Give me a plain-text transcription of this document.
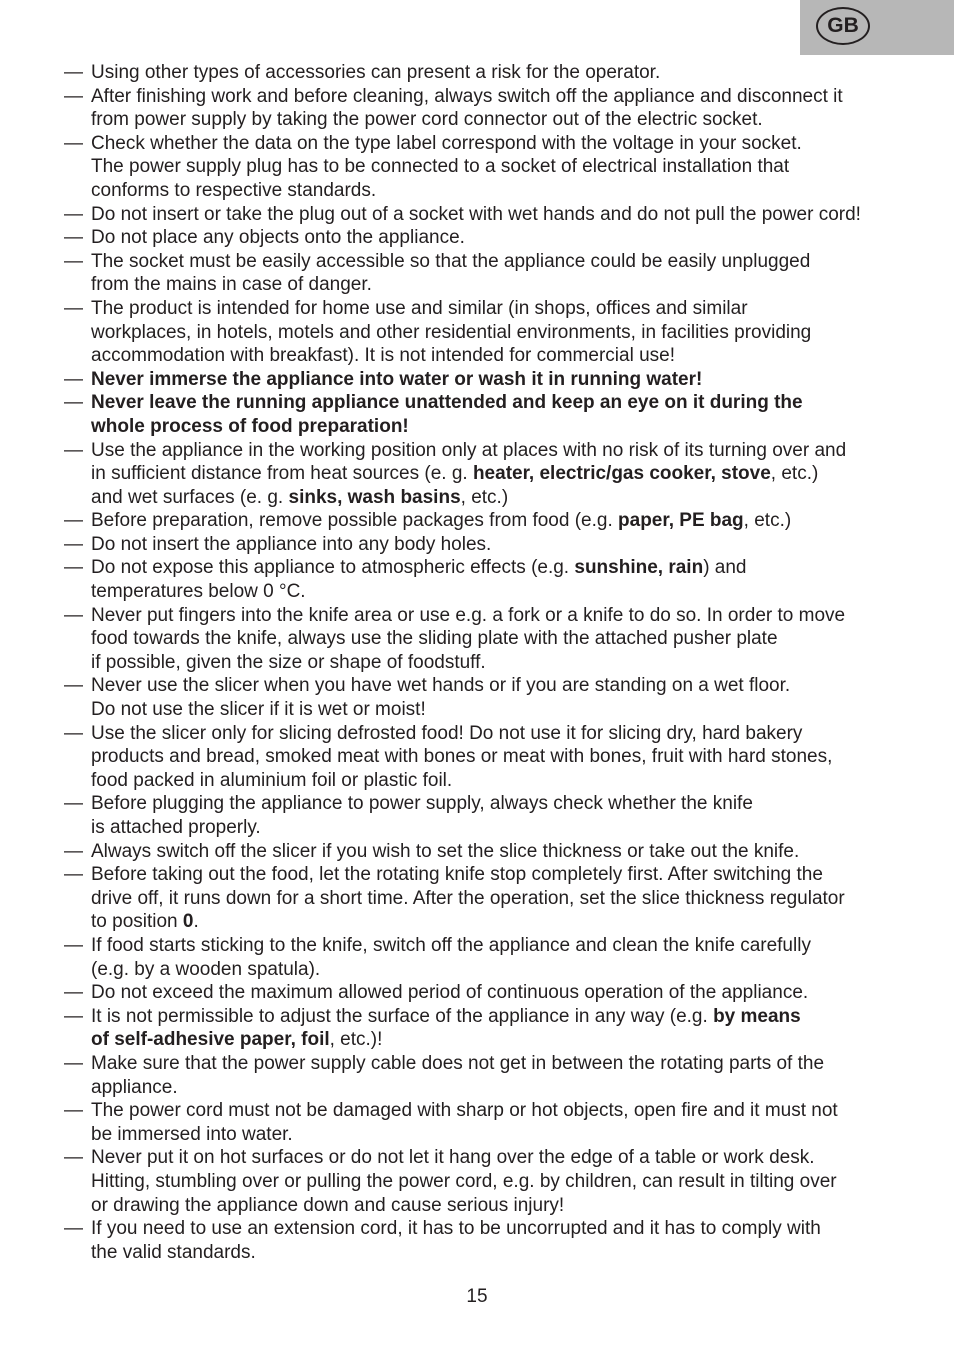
GB
— Using other types of accessories can present a risk for the operator.
— After finishing work and before cleaning, always switch off the appliance and disconnect it
from power supply by taking the power cord connector out of the electric socket.
— Check whether the data on the type label correspond with the voltage in your socket.
The power supply plug has to be connected to a socket of electrical installation that
conforms to respective standards.
— Do not insert or take the plug out of a socket with wet hands and do not pull the power cord!
— Do not place any objects onto the appliance.
— The socket must be easily accessible so that the appliance could be easily unplugged
from the mains in case of danger.
— The product is intended for home use and similar (in shops, offices and similar
workplaces, in hotels, motels and other residential environments, in facilities providing
accommodation with breakfast). It is not intended for commercial use!
— Never immerse the appliance into water or wash it in running water!
— Never leave the running appliance unattended and keep an eye on it during the
whole process of food preparation!
— Use the appliance in the working position only at places with no risk of its turning over and
in sufficient distance from heat sources (e. g. heater, electric/gas cooker, stove, etc.)
and wet surfaces (e. g. sinks, wash basins, etc.)
— Before preparation, remove possible packages from food (e.g. paper, PE bag, etc.)
— Do not insert the appliance into any body holes.
— Do not expose this appliance to atmospheric effects (e.g. sunshine, rain) and
temperatures below 0 °C.
— Never put fingers into the knife area or use e.g. a fork or a knife to do so. In order to move
food towards the knife, always use the sliding plate with the attached pusher plate
if possible, given the size or shape of foodstuff.
— Never use the slicer when you have wet hands or if you are standing on a wet floor.
Do not use the slicer if it is wet or moist!
— Use the slicer only for slicing defrosted food! Do not use it for slicing dry, hard bakery
products and bread, smoked meat with bones or meat with bones, fruit with hard stones,
food packed in aluminium foil or plastic foil.
— Before plugging the appliance to power supply, always check whether the knife
is attached properly.
— Always switch off the slicer if you wish to set the slice thickness or take out the knife.
— Before taking out the food, let the rotating knife stop completely first. After switching the
drive off, it runs down for a short time. After the operation, set the slice thickness regulator
to position 0.
— If food starts sticking to the knife, switch off the appliance and clean the knife carefully
(e.g. by a wooden spatula).
— Do not exceed the maximum allowed period of continuous operation of the appliance.
— It is not permissible to adjust the surface of the appliance in any way (e.g. by means
of self-adhesive paper, foil, etc.)!
— Make sure that the power supply cable does not get in between the rotating parts of the
appliance.
— The power cord must not be damaged with sharp or hot objects, open fire and it must not
be immersed into water.
— Never put it on hot surfaces or do not let it hang over the edge of a table or work desk.
Hitting, stumbling over or pulling the power cord, e.g. by children, can result in tilting over
or drawing the appliance down and cause serious injury!
— If you need to use an extension cord, it has to be uncorrupted and it has to comply with
the valid standards.
15
